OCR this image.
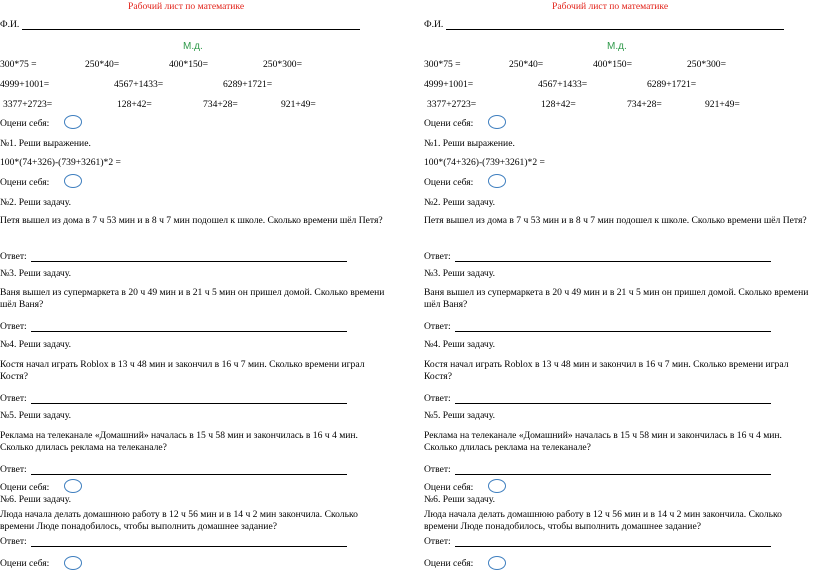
Рабочий лист по математике
Ф.И.
М.д.
300*75 =	250*40=	400*150=	250*300=
4999+1001=	4567+1433=	6289+1721=
3377+2723=	128+42=	734+28=	921+49=
Оцени себя:
№1. Реши выражение.
100*(74+326)-(739+3261)*2 =
Оцени себя:
№2. Реши задачу.
Петя вышел из дома в 7 ч 53 мин и в 8 ч 7 мин подошел к школе. Сколько времени шёл Петя?
Ответ:
№3. Реши задачу.
Ваня вышел из супермаркета в 20 ч 49 мин и в 21 ч 5 мин он пришел домой. Сколько времени шёл Ваня?
Ответ:
№4. Реши задачу.
Костя начал играть Roblox в 13 ч 48 мин и закончил в 16 ч 7 мин. Сколько времени играл Костя?
Ответ:
№5. Реши задачу.
Реклама на телеканале «Домашний» началась в 15 ч 58 мин и закончилась в 16 ч 4 мин. Сколько длилась реклама на телеканале?
Ответ:
Оцени себя:
№6. Реши задачу.
Люда начала делать домашнюю работу в 12 ч 56 мин и в 14 ч 2 мин закончила. Сколько времени Люде понадобилось, чтобы выполнить домашнее задание?
Ответ:
Оцени себя:
Рабочий лист по математике
Ф.И.
М.д.
300*75 =	250*40=	400*150=	250*300=
4999+1001=	4567+1433=	6289+1721=
3377+2723=	128+42=	734+28=	921+49=
Оцени себя:
№1. Реши выражение.
100*(74+326)-(739+3261)*2 =
Оцени себя:
№2. Реши задачу.
Петя вышел из дома в 7 ч 53 мин и в 8 ч 7 мин подошел к школе. Сколько времени шёл Петя?
Ответ:
№3. Реши задачу.
Ваня вышел из супермаркета в 20 ч 49 мин и в 21 ч 5 мин он пришел домой. Сколько времени шёл Ваня?
Ответ:
№4. Реши задачу.
Костя начал играть Roblox в 13 ч 48 мин и закончил в 16 ч 7 мин. Сколько времени играл Костя?
Ответ:
№5. Реши задачу.
Реклама на телеканале «Домашний» началась в 15 ч 58 мин и закончилась в 16 ч 4 мин. Сколько длилась реклама на телеканале?
Ответ:
Оцени себя:
№6. Реши задачу.
Люда начала делать домашнюю работу в 12 ч 56 мин и в 14 ч 2 мин закончила. Сколько времени Люде понадобилось, чтобы выполнить домашнее задание?
Ответ:
Оцени себя:
